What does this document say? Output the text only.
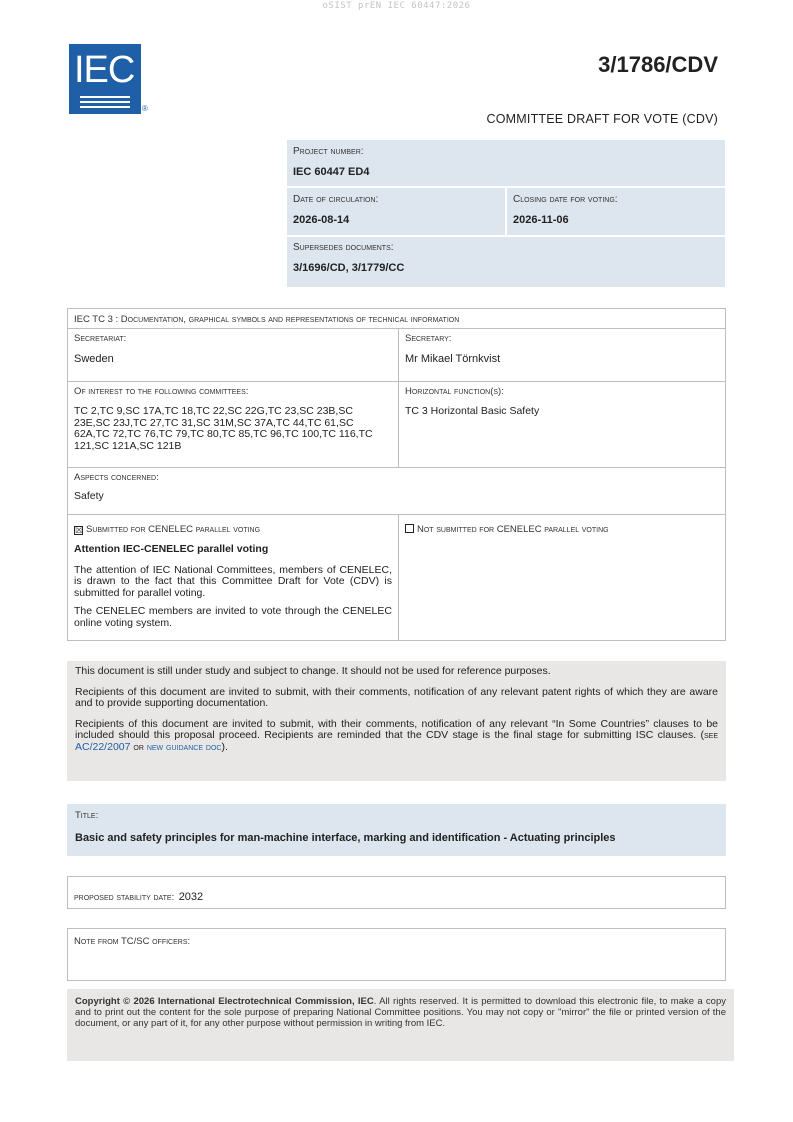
oSIST prEN IEC 60447:2026
IEC
®
3/1786/CDV
COMMITTEE DRAFT FOR VOTE (CDV)
Project number:
IEC 60447 ED4
Date of circulation:
2026-08-14
Closing date for voting:
2026-11-06
Supersedes documents:
3/1696/CD, 3/1779/CC
IEC TC 3 : Documentation, graphical symbols and representations of technical information
Secretariat:
Sweden
Secretary:
Mr Mikael Törnkvist
Of interest to the following committees:
TC 2,TC 9,SC 17A,TC 18,TC 22,SC 22G,TC 23,SC 23B,SC 23E,SC 23J,TC 27,TC 31,SC 31M,SC 37A,TC 44,TC 61,SC 62A,TC 72,TC 76,TC 79,TC 80,TC 85,TC 96,TC 100,TC 116,TC 121,SC 121A,SC 121B
Horizontal function(s):
TC 3 Horizontal Basic Safety
Aspects concerned:
Safety
☒ Submitted for CENELEC parallel voting
Attention IEC-CENELEC parallel voting
The attention of IEC National Committees, members of CENELEC, is drawn to the fact that this Committee Draft for Vote (CDV) is submitted for parallel voting.
The CENELEC members are invited to vote through the CENELEC online voting system.
Not submitted for CENELEC parallel voting
This document is still under study and subject to change. It should not be used for reference purposes.
Recipients of this document are invited to submit, with their comments, notification of any relevant patent rights of which they are aware and to provide supporting documentation.
Recipients of this document are invited to submit, with their comments, notification of any relevant “In Some Countries” clauses to be included should this proposal proceed. Recipients are reminded that the CDV stage is the final stage for submitting ISC clauses. (see AC/22/2007 or new guidance doc).
Title:
Basic and safety principles for man-machine interface, marking and identification - Actuating principles
proposed stability date: 2032
Note from TC/SC officers:
Copyright © 2026 International Electrotechnical Commission, IEC. All rights reserved. It is permitted to download this electronic file, to make a copy and to print out the content for the sole purpose of preparing National Committee positions. You may not copy or "mirror" the file or printed version of the document, or any part of it, for any other purpose without permission in writing from IEC.
